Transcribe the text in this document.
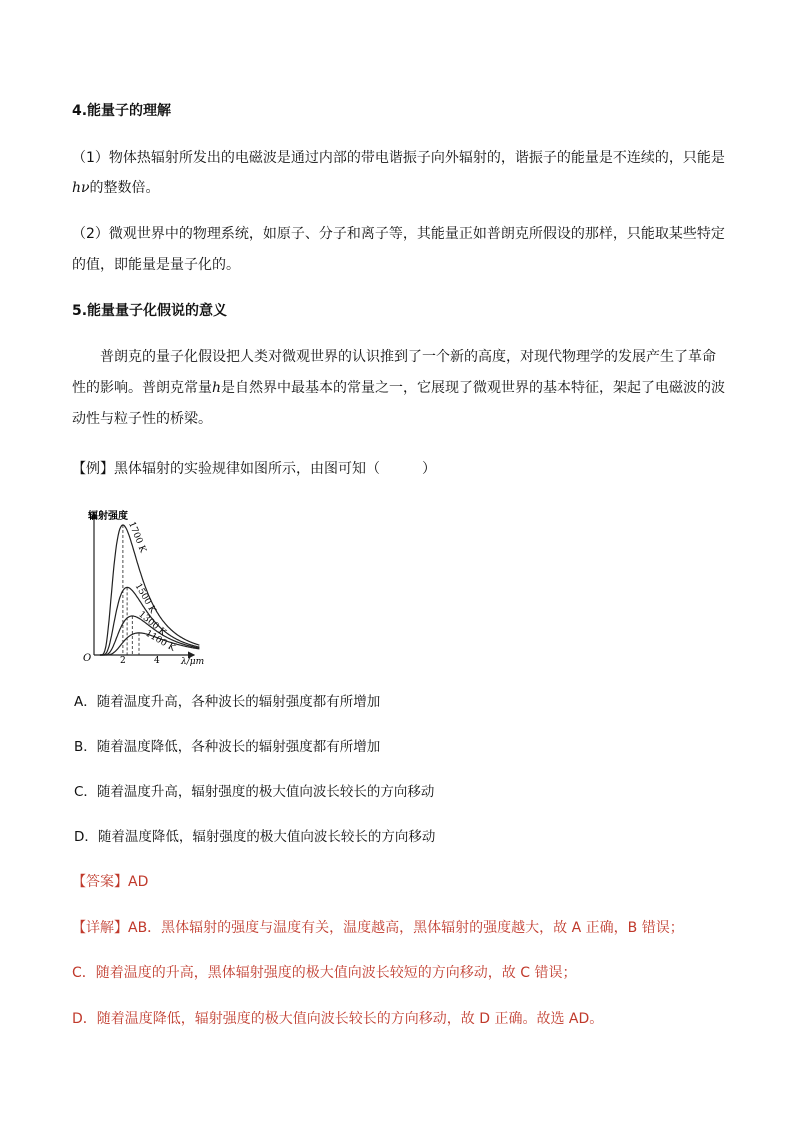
4.能量子的理解
（1）物体热辐射所发出的电磁波是通过内部的带电谐振子向外辐射的，谐振子的能量是不连续的，只能是
hν的整数倍。
（2）微观世界中的物理系统，如原子、分子和离子等，其能量正如普朗克所假设的那样，只能取某些特定
的值，即能量是量子化的。
5.能量量子化假说的意义
普朗克的量子化假设把人类对微观世界的认识推到了一个新的高度，对现代物理学的发展产生了革命
性的影响。普朗克常量h是自然界中最基本的常量之一，它展现了微观世界的基本特征，架起了电磁波的波
动性与粒子性的桥梁。
【例】黑体辐射的实验规律如图所示，由图可知（　　　）
1700 K
1500 K
1300 K
1100 K
辐射强度
O	λ/μm
2	4
A．随着温度升高，各种波长的辐射强度都有所增加
B．随着温度降低，各种波长的辐射强度都有所增加
C．随着温度升高，辐射强度的极大值向波长较长的方向移动
D．随着温度降低，辐射强度的极大值向波长较长的方向移动
【答案】AD
【详解】AB．黑体辐射的强度与温度有关，温度越高，黑体辐射的强度越大，故 A 正确，B 错误；
C．随着温度的升高，黑体辐射强度的极大值向波长较短的方向移动，故 C 错误；
D．随着温度降低，辐射强度的极大值向波长较长的方向移动，故 D 正确。故选 AD。
